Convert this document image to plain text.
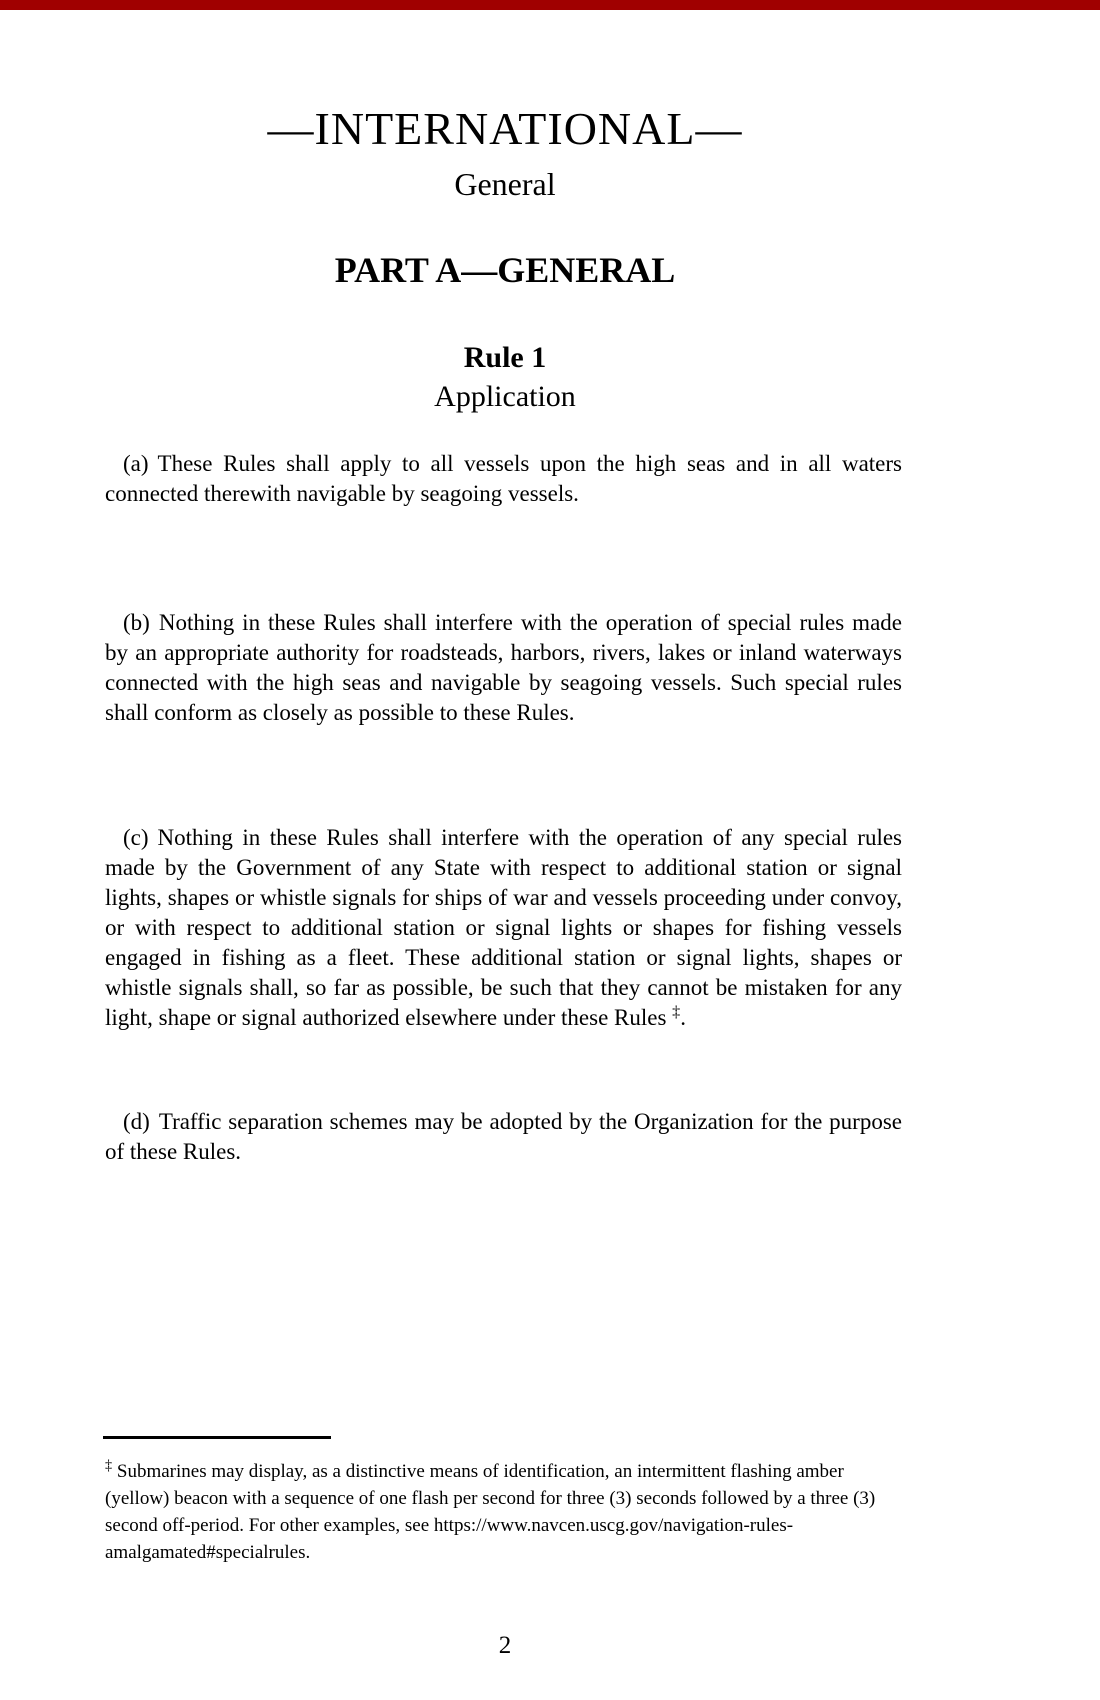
—INTERNATIONAL—
General
PART A—GENERAL
Rule 1
Application

(a) These Rules shall apply to all vessels upon the high seas and in all waters connected therewith navigable by seagoing vessels.

(b) Nothing in these Rules shall interfere with the operation of special rules made by an appropriate authority for roadsteads, harbors, rivers, lakes or inland waterways connected with the high seas and navigable by seagoing vessels. Such special rules shall conform as closely as possible to these Rules.

(c) Nothing in these Rules shall interfere with the operation of any special rules made by the Government of any State with respect to additional station or signal lights, shapes or whistle signals for ships of war and vessels proceeding under convoy, or with respect to additional station or signal lights or shapes for fishing vessels engaged in fishing as a fleet. These additional station or signal lights, shapes or whistle signals shall, so far as possible, be such that they cannot be mistaken for any light, shape or signal authorized elsewhere under these Rules ‡.

(d) Traffic separation schemes may be adopted by the Organization for the purpose of these Rules.

‡ Submarines may display, as a distinctive means of identification, an intermittent flashing amber (yellow) beacon with a sequence of one flash per second for three (3) seconds followed by a three (3) second off-period. For other examples, see https://www.navcen.uscg.gov/navigation-rules-amalgamated#specialrules.

2
